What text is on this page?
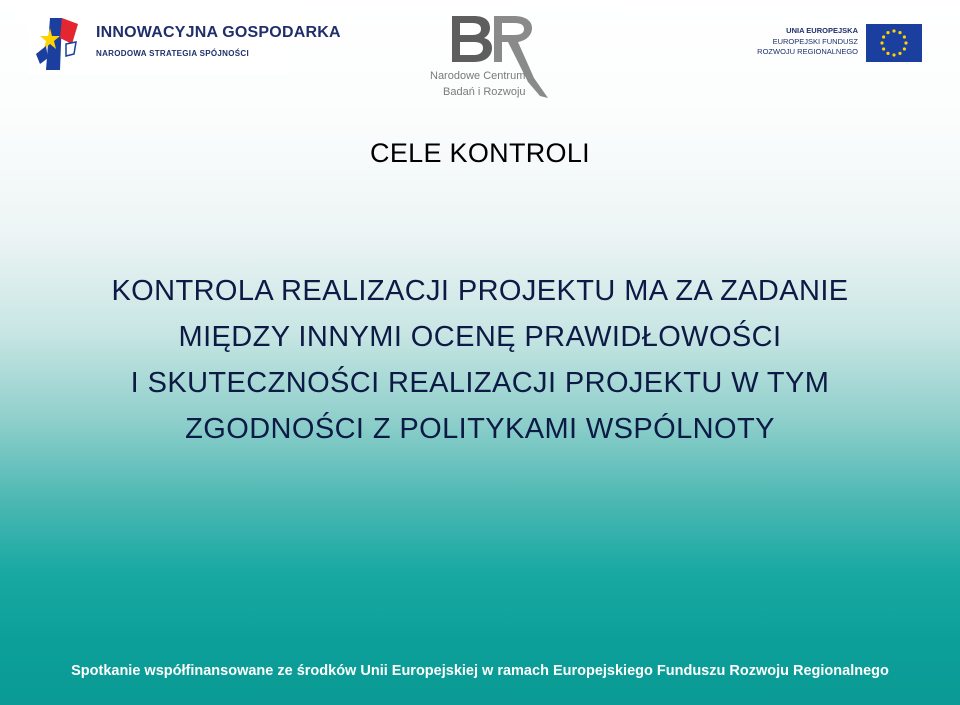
INNOWACYJNA GOSPODARKA
NARODOWA STRATEGIA SPÓJNOŚCI
Narodowe Centrum
Badań i Rozwoju
UNIA EUROPEJSKA
EUROPEJSKI FUNDUSZ
ROZWOJU REGIONALNEGO
CELE KONTROLI
KONTROLA REALIZACJI PROJEKTU MA ZA ZADANIE
MIĘDZY INNYMI OCENĘ PRAWIDŁOWOŚCI
I SKUTECZNOŚCI REALIZACJI PROJEKTU W TYM
ZGODNOŚCI Z POLITYKAMI WSPÓLNOTY
Spotkanie współfinansowane ze środków Unii Europejskiej w ramach Europejskiego Funduszu Rozwoju Regionalnego
